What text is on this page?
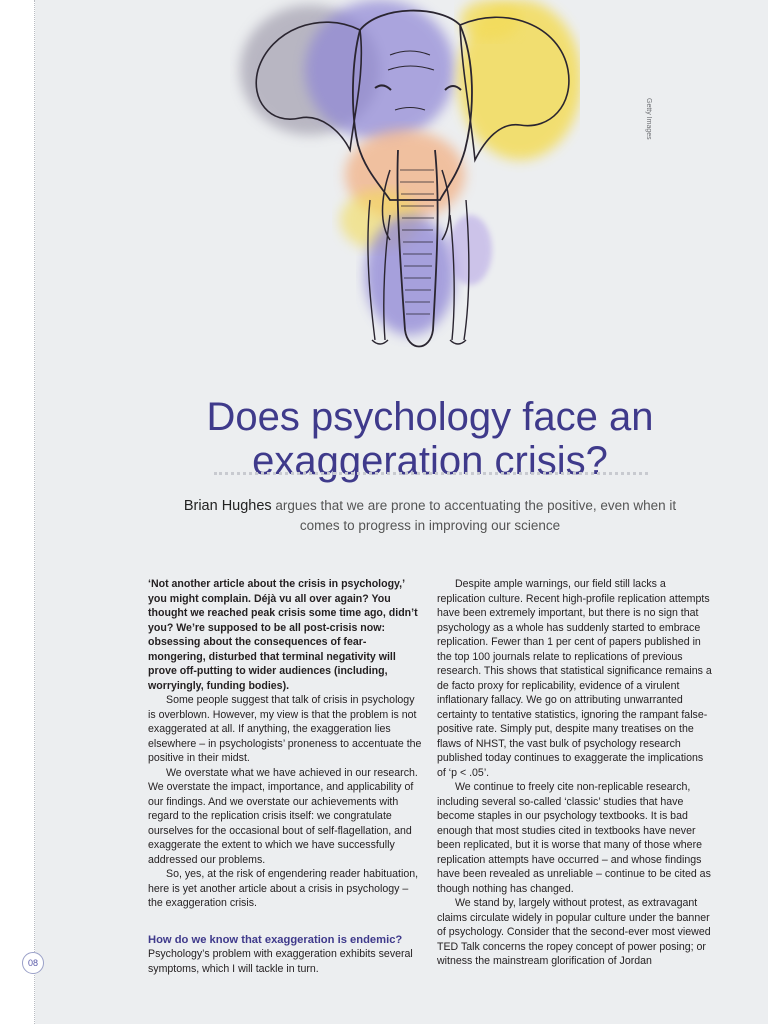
Getty Images
Does psychology face an exaggeration crisis?
Brian Hughes argues that we are prone to accentuating the positive, even when it comes to progress in improving our science

‘Not another article about the crisis in psychology,’ you might complain. Déjà vu all over again? You thought we reached peak crisis some time ago, didn’t you? We’re supposed to be all post-crisis now: obsessing about the consequences of fear-mongering, disturbed that terminal negativity will prove off-putting to wider audiences (including, worryingly, funding bodies).

Some people suggest that talk of crisis in psychology is overblown. However, my view is that the problem is not exaggerated at all. If anything, the exaggeration lies elsewhere – in psychologists’ proneness to accentuate the positive in their midst.

We overstate what we have achieved in our research. We overstate the impact, importance, and applicability of our findings. And we overstate our achievements with regard to the replication crisis itself: we congratulate ourselves for the occasional bout of self-flagellation, and exaggerate the extent to which we have successfully addressed our problems.

So, yes, at the risk of engendering reader habituation, here is yet another article about a crisis in psychology – the exaggeration crisis.

How do we know that exaggeration is endemic?

Psychology’s problem with exaggeration exhibits several symptoms, which I will tackle in turn.

Despite ample warnings, our field still lacks a replication culture. Recent high-profile replication attempts have been extremely important, but there is no sign that psychology as a whole has suddenly started to embrace replication. Fewer than 1 per cent of papers published in the top 100 journals relate to replications of previous research. This shows that statistical significance remains a de facto proxy for replicability, evidence of a virulent inflationary fallacy. We go on attributing unwarranted certainty to tentative statistics, ignoring the rampant false-positive rate. Simply put, despite many treatises on the flaws of NHST, the vast bulk of psychology research published today continues to exaggerate the implications of ‘p < .05’.

We continue to freely cite non-replicable research, including several so-called ‘classic’ studies that have become staples in our psychology textbooks. It is bad enough that most studies cited in textbooks have never been replicated, but it is worse that many of those where replication attempts have occurred – and whose findings have been revealed as unreliable – continue to be cited as though nothing has changed.

We stand by, largely without protest, as extravagant claims circulate widely in popular culture under the banner of psychology. Consider that the second-ever most viewed TED Talk concerns the ropey concept of power posing; or witness the mainstream glorification of Jordan

08
